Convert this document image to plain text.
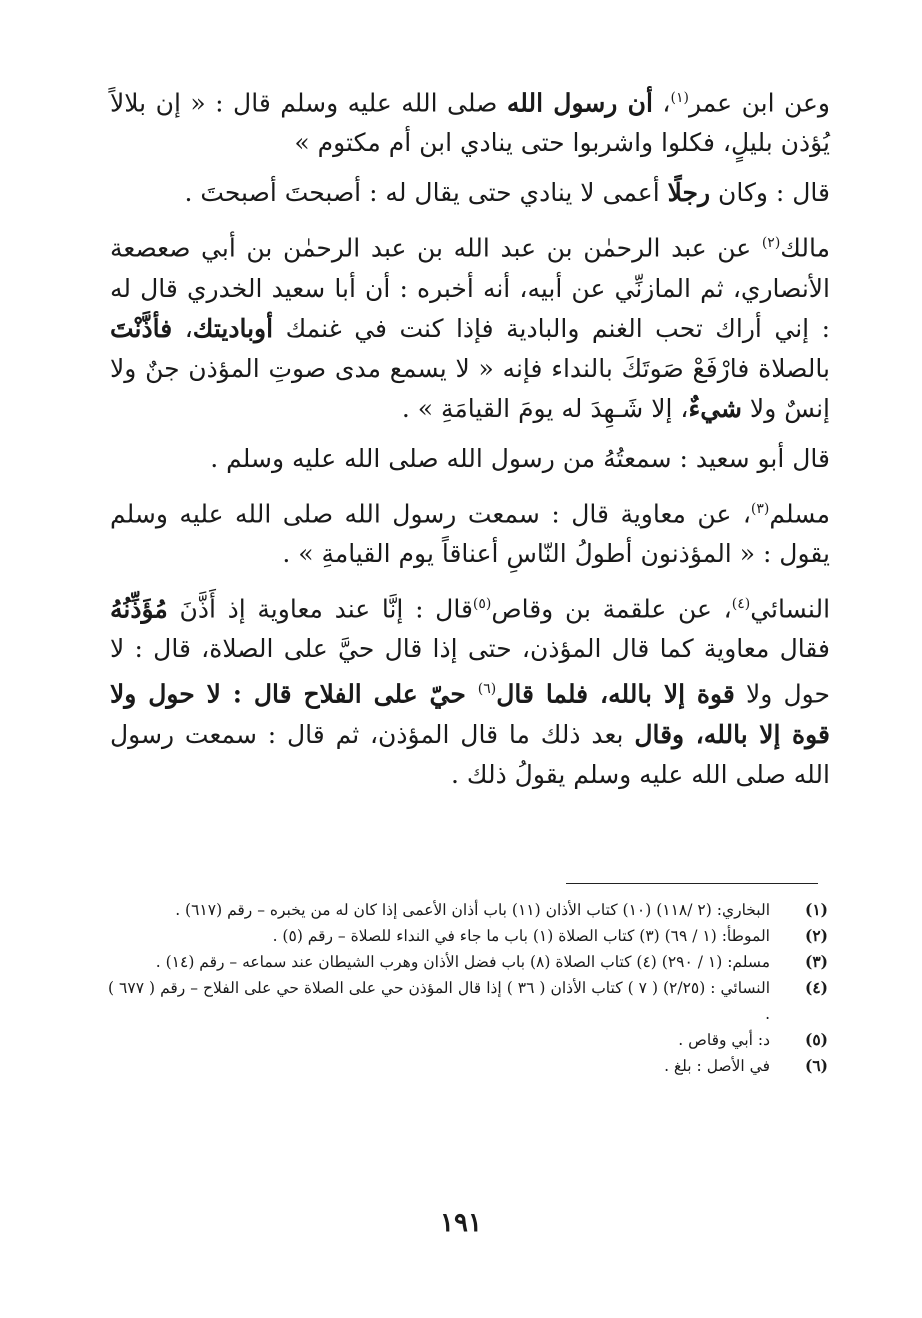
وعن ابن عمر$^{(١)}$، أن رسول الله صلى الله عليه وسلم قال : « إن بلالاً يُؤذن بليلٍ، فكلوا واشربوا حتى ينادي ابن أم مكتوم »

قال : وكان رجلًا أعمى لا ينادي حتى يقال له : أصبحتَ أصبحتَ .

مالك$^{(٢)}$ عن عبد الرحمٰن بن عبد الله بن عبد الرحمٰن بن أبي صعصعة الأنصاري، ثم المازنِّي عن أبيه، أنه أخبره : أن أبا سعيد الخدري قال له : إني أراك تحب الغنم والبادية فإذا كنت في غنمك أوباديتك، فأذَّنْتَ بالصلاة فارْفَعْ صَوتَكَ بالنداء فإنه « لا يسمع مدى صوتِ المؤذن جنٌ ولا إنسٌ ولا شيءٌ، إلا شَـهِدَ له يومَ القيامَةِ » .

قال أبو سعيد : سمعتُهُ من رسول الله صلى الله عليه وسلم .

مسلم$^{(٣)}$، عن معاوية قال : سمعت رسول الله صلى الله عليه وسلم يقول : « المؤذنون أطولُ النّاسِ أعناقاً يوم القيامةِ » .

النسائي$^{(٤)}$، عن علقمة بن وقاص$^{(٥)}$قال : إنَّا عند معاوية إذ أَذَّنَ مُؤَذِّنُهُ فقال معاوية كما قال المؤذن، حتى إذا قال حيَّ على الصلاة، قال : لا حول ولا قوة إلا بالله، فلما قال$^{(٦)}$ حيّ على الفلاح قال : لا حول ولا قوة إلا بالله، وقال بعد ذلك ما قال المؤذن، ثم قال : سمعت رسول الله صلى الله عليه وسلم يقولُ ذلك .

(١)
البخاري: (٢ /١١٨) (١٠) كتاب الأذان (١١) باب أذان الأعمى إذا كان له من يخبره – رقم (٦١٧) .
(٢)
الموطأ: (١ / ٦٩) (٣) كتاب الصلاة (١) باب ما جاء في النداء للصلاة – رقم (٥) .
(٣)
مسلم: (١ / ٢٩٠) (٤) كتاب الصلاة (٨) باب فضل الأذان وهرب الشيطان عند سماعه – رقم (١٤) .
(٤)
النسائي : (٢/٢٥) ( ٧ ) كتاب الأذان ( ٣٦ ) إذا قال المؤذن حي على الصلاة حي على الفلاح – رقم ( ٦٧٧ ) .
(٥)
د: أبي وقاص .
(٦)
في الأصل : بلغ .
١٩١
